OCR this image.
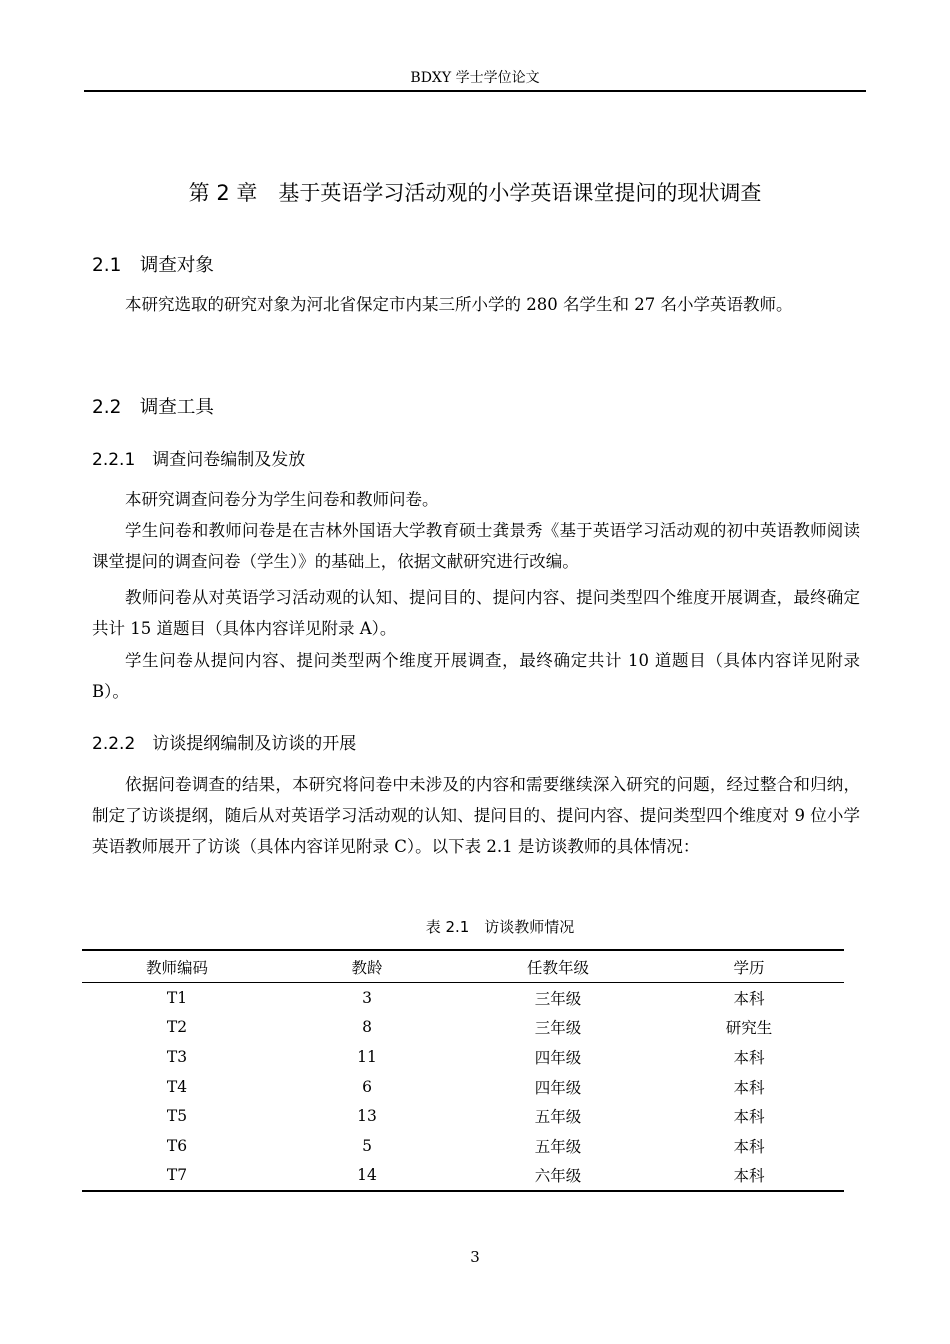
BDXY 学士学位论文
第 2 章　基于英语学习活动观的小学英语课堂提问的现状调查
2.1　调查对象

本研究选取的研究对象为河北省保定市内某三所小学的 280 名学生和 27 名小学英语教师。

2.2　调查工具
2.2.1　调查问卷编制及发放

本研究调查问卷分为学生问卷和教师问卷。

学生问卷和教师问卷是在吉林外国语大学教育硕士龚景秀《基于英语学习活动观的初中英语教师阅读课堂提问的调查问卷（学生）》的基础上，依据文献研究进行改编。

教师问卷从对英语学习活动观的认知、提问目的、提问内容、提问类型四个维度开展调查，最终确定共计 15 道题目（具体内容详见附录 A）。

学生问卷从提问内容、提问类型两个维度开展调查，最终确定共计 10 道题目（具体内容详见附录 B）。

2.2.2　访谈提纲编制及访谈的开展

依据问卷调查的结果，本研究将问卷中未涉及的内容和需要继续深入研究的问题，经过整合和归纳，制定了访谈提纲，随后从对英语学习活动观的认知、提问目的、提问内容、提问类型四个维度对 9 位小学英语教师展开了访谈（具体内容详见附录 C）。以下表 2.1 是访谈教师的具体情况：

表 2.1　访谈教师情况
教师编码	教龄	任教年级	学历
T1	3	三年级	本科
T2	8	三年级	研究生
T3	11	四年级	本科
T4	6	四年级	本科
T5	13	五年级	本科
T6	5	五年级	本科
T7	14	六年级	本科
3
